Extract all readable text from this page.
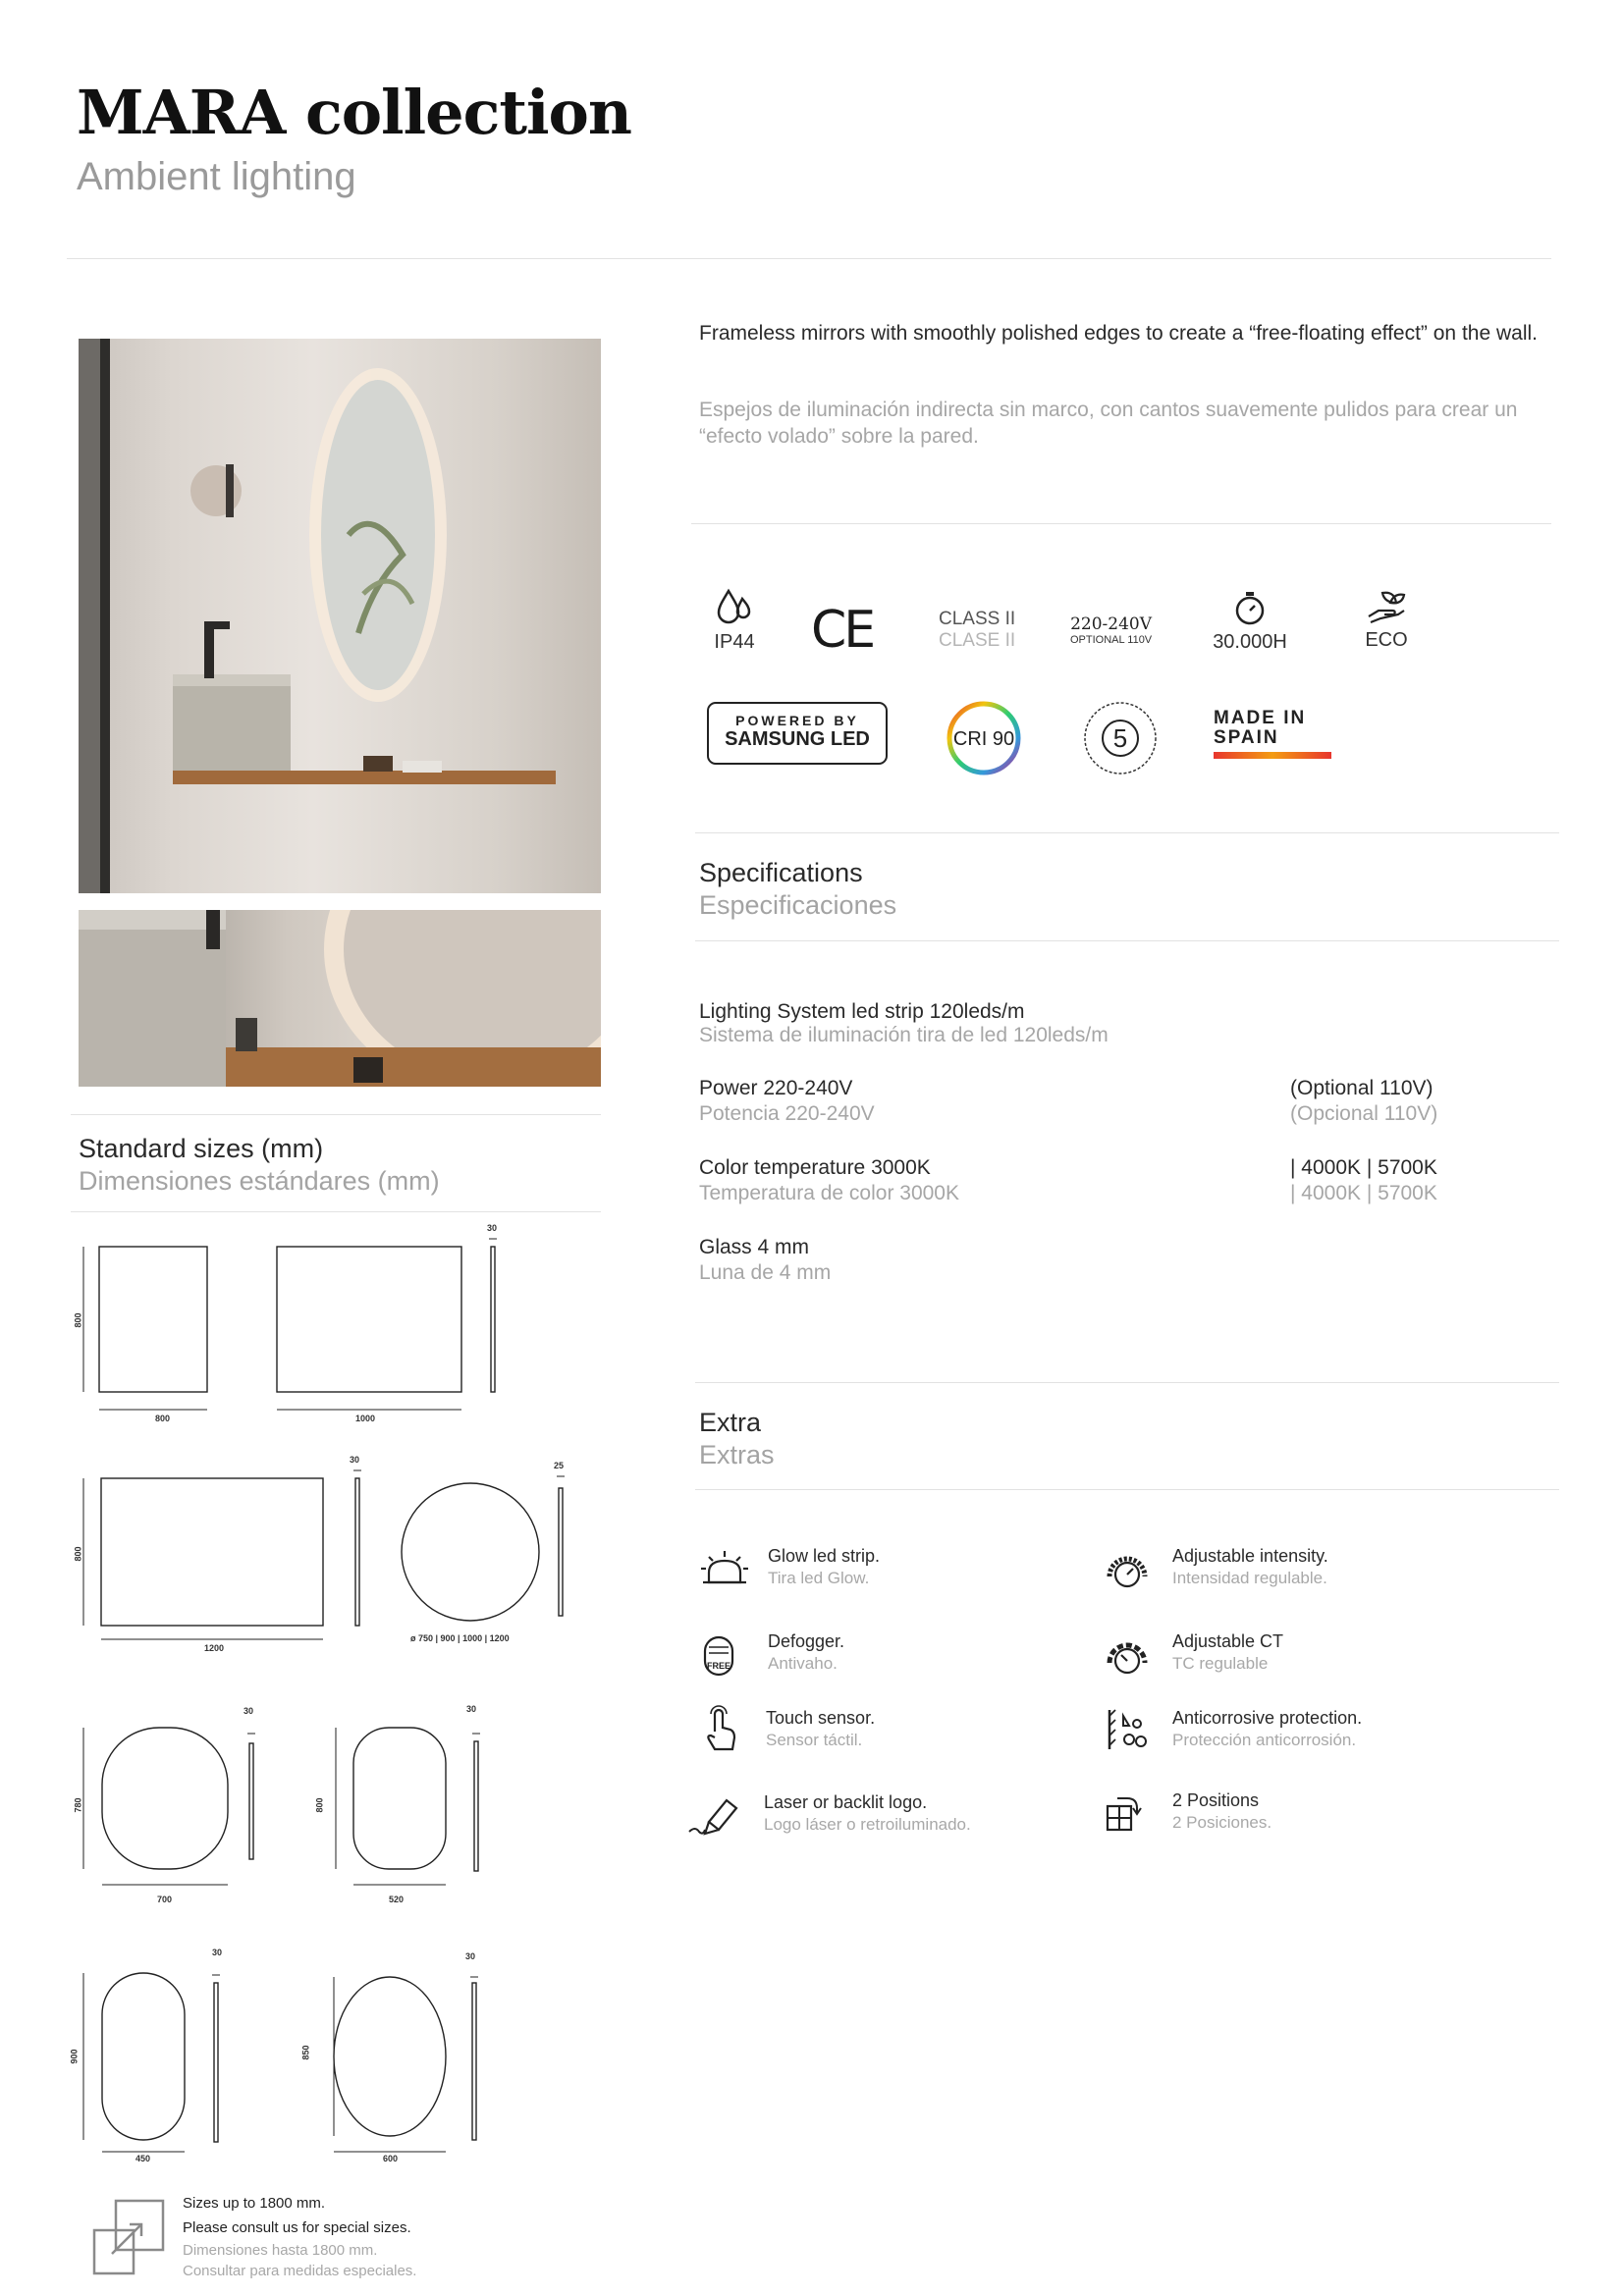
MARA collection
Ambient lighting
Frameless mirrors with smoothly polished edges to create a “free-floating effect” on the wall.
Espejos de iluminación indirecta sin marco, con cantos suavemente pulidos para crear un “efecto volado” sobre la pared.
IP44 CE	CLASS II
CLASE II
220-240V
OPTIONAL 110V	30.000H	ECO
POWERED BY
SAMSUNG LED	CRI 90	5
MADE IN
SPAIN
Specifications
Especificaciones
Lighting System led strip 120leds/m
Sistema de iluminación tira de led 120leds/m
Power 220-240V
Potencia 220-240V
(Optional 110V)
(Opcional 110V)
Color temperature 3000K
Temperatura de color 3000K
| 4000K | 5700K
| 4000K | 5700K
Glass 4 mm
Luna de 4 mm
Extra
Extras
Glow led strip.
Tira led Glow.
Adjustable intensity.
Intensidad regulable.
FREE
Defogger.
Antivaho.
Adjustable CT
TC regulable
Touch sensor.
Sensor táctil.
Anticorrosive protection.
Protección anticorrosión.
Laser or backlit logo.
Logo láser o retroiluminado.
2 Positions
2 Posiciones.
Standard sizes (mm)
Dimensiones estándares (mm)
800
800	1000
30
800
1200
30
25
ø 750 | 900 | 1000 | 1200
780
700
30
800
520
30
900
450
30
850
600
30
Sizes up to 1800 mm.
Please consult us for special sizes.
Dimensiones hasta 1800 mm.
Consultar para medidas especiales.
